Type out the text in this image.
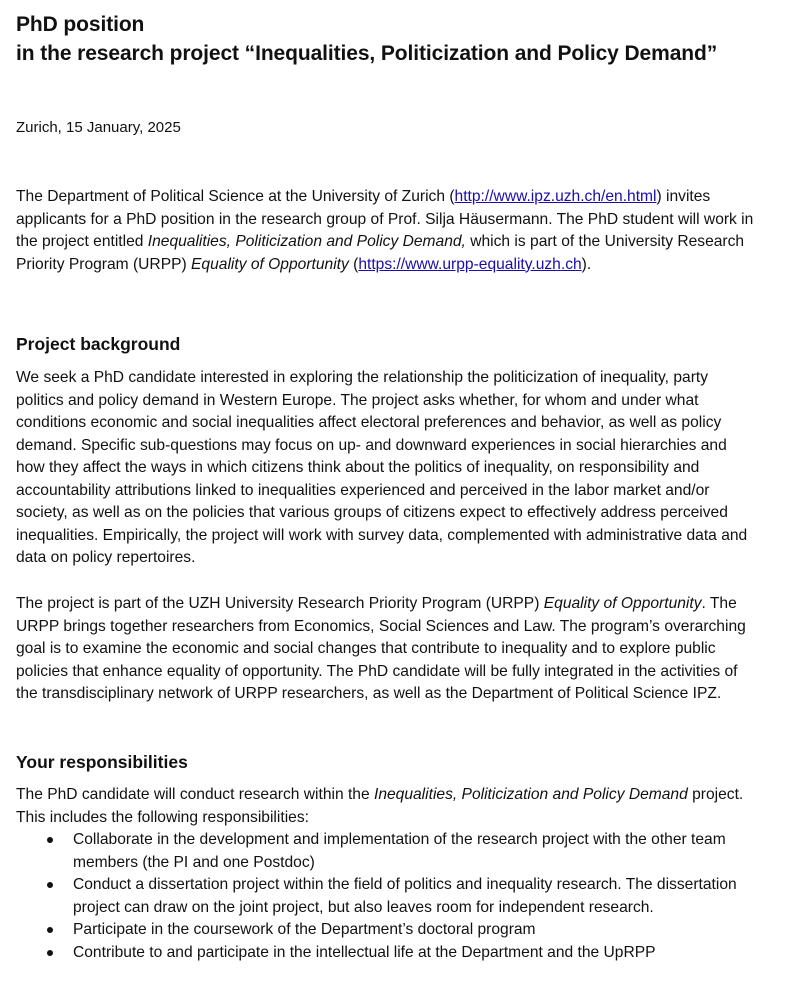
PhD position
in the research project “Inequalities, Politicization and Policy Demand”
Zurich, 15 January, 2025

The Department of Political Science at the University of Zurich (http://www.ipz.uzh.ch/en.html) invites applicants for a PhD position in the research group of Prof. Silja Häusermann. The PhD student will work in the project entitled Inequalities, Politicization and Policy Demand, which is part of the University Research Priority Program (URPP) Equality of Opportunity (https://www.urpp-equality.uzh.ch).

Project background

We seek a PhD candidate interested in exploring the relationship the politicization of inequality, party politics and policy demand in Western Europe. The project asks whether, for whom and under what conditions economic and social inequalities affect electoral preferences and behavior, as well as policy demand. Specific sub-questions may focus on up- and downward experiences in social hierarchies and how they affect the ways in which citizens think about the politics of inequality, on responsibility and accountability attributions linked to inequalities experienced and perceived in the labor market and/or society, as well as on the policies that various groups of citizens expect to effectively address perceived inequalities. Empirically, the project will work with survey data, complemented with administrative data and data on policy repertoires.

The project is part of the UZH University Research Priority Program (URPP) Equality of Opportunity. The URPP brings together researchers from Economics, Social Sciences and Law. The program’s overarching goal is to examine the economic and social changes that contribute to inequality and to explore public policies that enhance equality of opportunity. The PhD candidate will be fully integrated in the activities of the transdisciplinary network of URPP researchers, as well as the Department of Political Science IPZ.

Your responsibilities

The PhD candidate will conduct research within the Inequalities, Politicization and Policy Demand project. This includes the following responsibilities:

Collaborate in the development and implementation of the research project with the other team members (the PI and one Postdoc)
Conduct a dissertation project within the field of politics and inequality research. The dissertation project can draw on the joint project, but also leaves room for independent research.
Participate in the coursework of the Department’s doctoral program
Contribute to and participate in the intellectual life at the Department and the UpRPP
